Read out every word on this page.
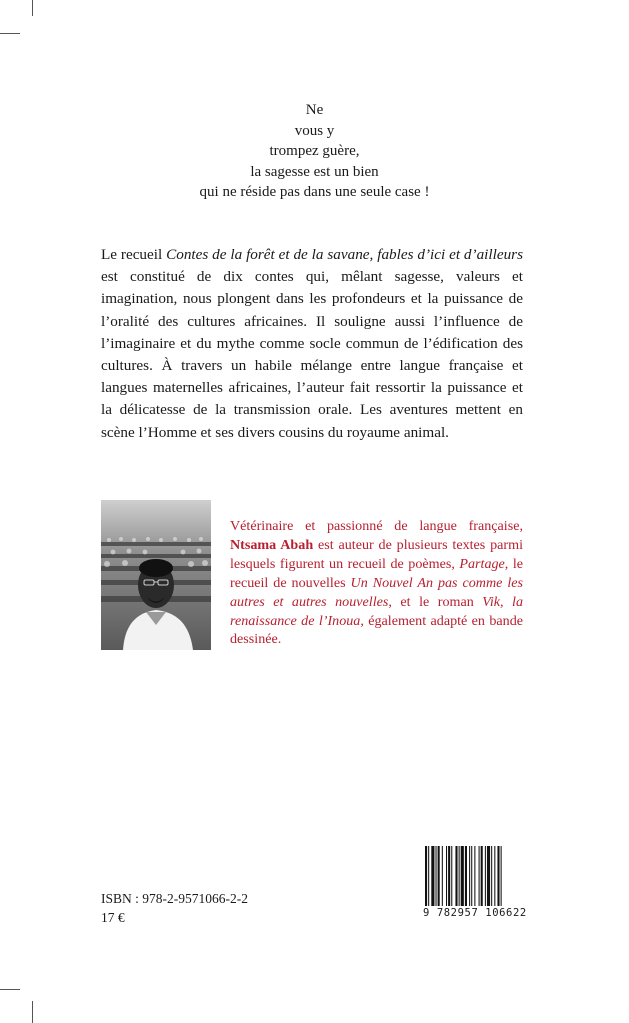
Ne
vous y
trompez guère,
la sagesse est un bien
qui ne réside pas dans une seule case !

Le recueil Contes de la forêt et de la savane, fables d’ici et d’ailleurs est constitué de dix contes qui, mêlant sagesse, valeurs et imagination, nous plongent dans les profondeurs et la puissance de l’oralité des cultures africaines. Il souligne aussi l’influence de l’imaginaire et du mythe comme socle commun de l’édification des cultures. À travers un habile mélange entre langue française et langues maternelles africaines, l’auteur fait ressortir la puissance et la délicatesse de la transmission orale. Les aventures mettent en scène l’Homme et ses divers cousins du royaume animal.

Vétérinaire et passionné de langue française, Ntsama Abah est auteur de plusieurs textes parmi lesquels figurent un recueil de poèmes, Partage, le recueil de nouvelles Un Nouvel An pas comme les autres et autres nouvelles, et le roman Vik, la renaissance de l’Inoua, également adapté en bande dessinée.

ISBN : 978-2-9571066-2-2
17 €	9 782957 106622
